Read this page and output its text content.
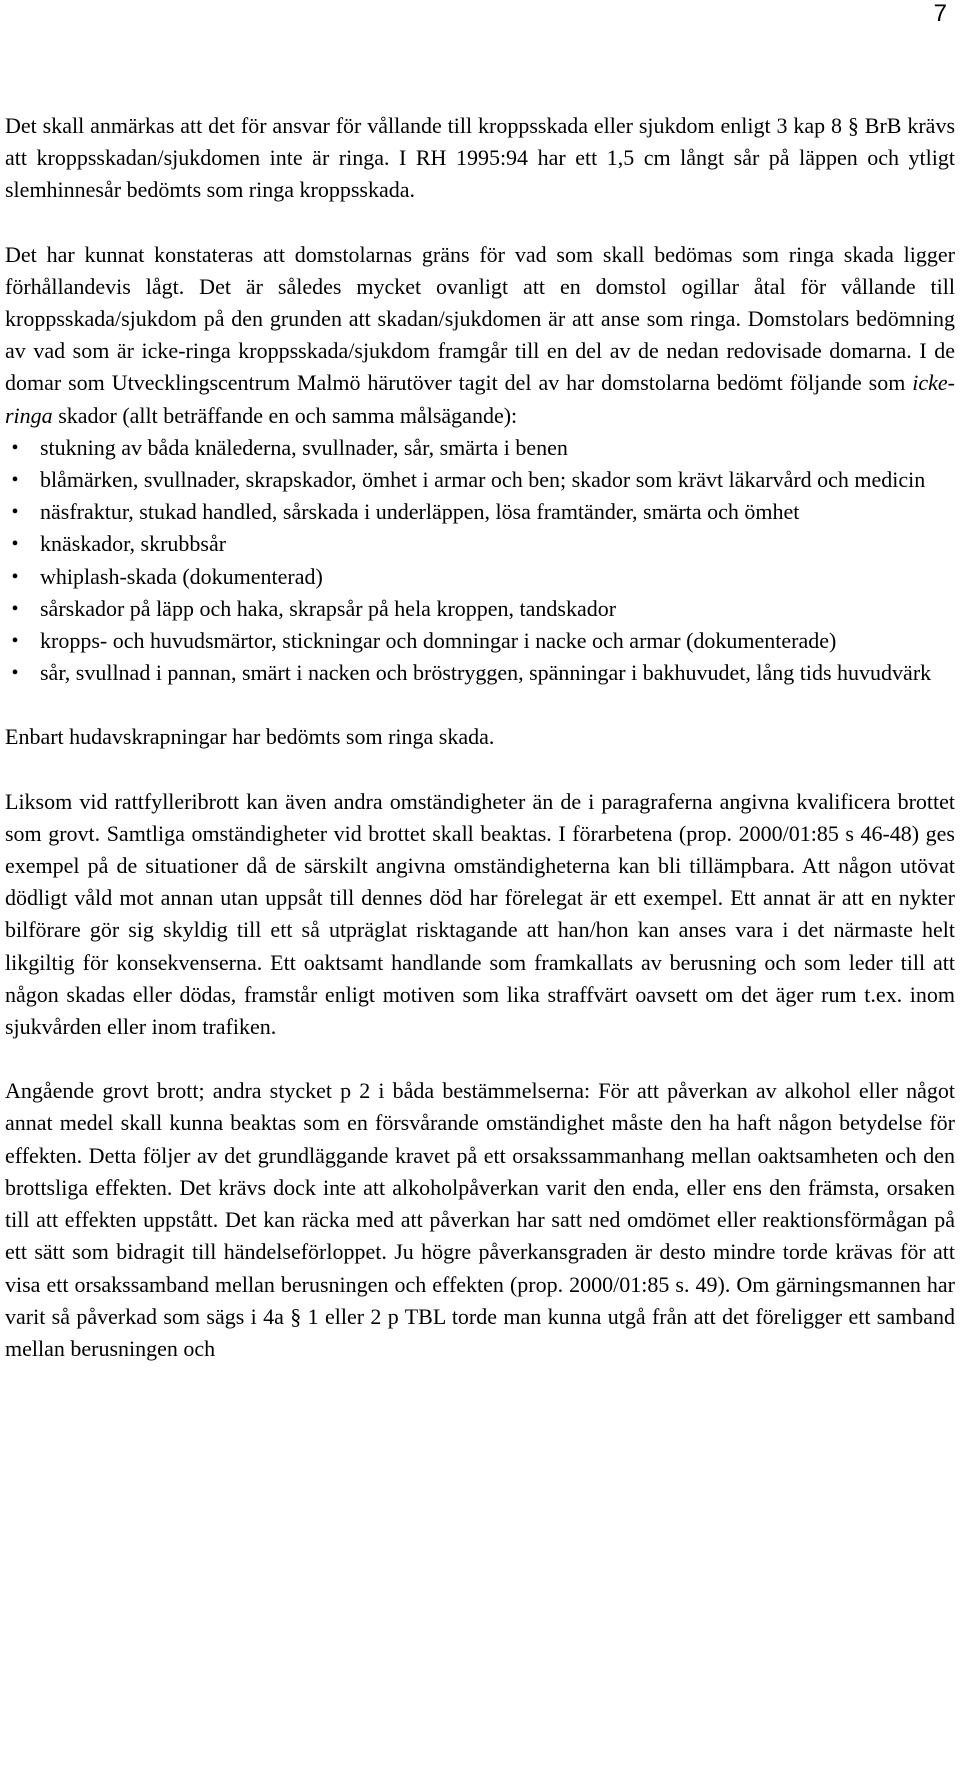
7

Det skall anmärkas att det för ansvar för vållande till kroppsskada eller sjukdom enligt 3 kap 8 § BrB krävs att kroppsskadan/sjukdomen inte är ringa. I RH 1995:94 har ett 1,5 cm långt sår på läppen och ytligt slemhinnesår bedömts som ringa kroppsskada.

Det har kunnat konstateras att domstolarnas gräns för vad som skall bedömas som ringa skada ligger förhållandevis lågt. Det är således mycket ovanligt att en domstol ogillar åtal för vållande till kroppsskada/sjukdom på den grunden att skadan/sjukdomen är att anse som ringa. Domstolars bedömning av vad som är icke-ringa kroppsskada/sjukdom framgår till en del av de nedan redovisade domarna. I de domar som Utvecklingscentrum Malmö härutöver tagit del av har domstolarna bedömt följande som icke-ringa skador (allt beträffande en och samma målsägande):

• stukning av båda knälederna, svullnader, sår, smärta i benen
• blåmärken, svullnader, skrapskador, ömhet i armar och ben; skador som krävt läkarvård och medicin
• näsfraktur, stukad handled, sårskada i underläppen, lösa framtänder, smärta och ömhet
• knäskador, skrubbsår
• whiplash-skada (dokumenterad)
• sårskador på läpp och haka, skrapsår på hela kroppen, tandskador
• kropps- och huvudsmärtor, stickningar och domningar i nacke och armar (dokumenterade)
• sår, svullnad i pannan, smärt i nacken och bröstryggen, spänningar i bakhuvudet, lång tids huvudvärk

Enbart hudavskrapningar har bedömts som ringa skada.

Liksom vid rattfylleribrott kan även andra omständigheter än de i paragraferna angivna kvalificera brottet som grovt. Samtliga omständigheter vid brottet skall beaktas. I förarbetena (prop. 2000/01:85 s 46-48) ges exempel på de situationer då de särskilt angivna omständigheterna kan bli tillämpbara. Att någon utövat dödligt våld mot annan utan uppsåt till dennes död har förelegat är ett exempel. Ett annat är att en nykter bilförare gör sig skyldig till ett så utpräglat risktagande att han/hon kan anses vara i det närmaste helt likgiltig för konsekvenserna. Ett oaktsamt handlande som framkallats av berusning och som leder till att någon skadas eller dödas, framstår enligt motiven som lika straffvärt oavsett om det äger rum t.ex. inom sjukvården eller inom trafiken.

Angående grovt brott; andra stycket p 2 i båda bestämmelserna: För att påverkan av alkohol eller något annat medel skall kunna beaktas som en försvårande omständighet måste den ha haft någon betydelse för effekten. Detta följer av det grundläggande kravet på ett orsakssammanhang mellan oaktsamheten och den brottsliga effekten. Det krävs dock inte att alkoholpåverkan varit den enda, eller ens den främsta, orsaken till att effekten uppstått. Det kan räcka med att påverkan har satt ned omdömet eller reaktionsförmågan på ett sätt som bidragit till händelseförloppet. Ju högre påverkansgraden är desto mindre torde krävas för att visa ett orsakssamband mellan berusningen och effekten (prop. 2000/01:85 s. 49). Om gärningsmannen har varit så påverkad som sägs i 4a § 1 eller 2 p TBL torde man kunna utgå från att det föreligger ett samband mellan berusningen och
